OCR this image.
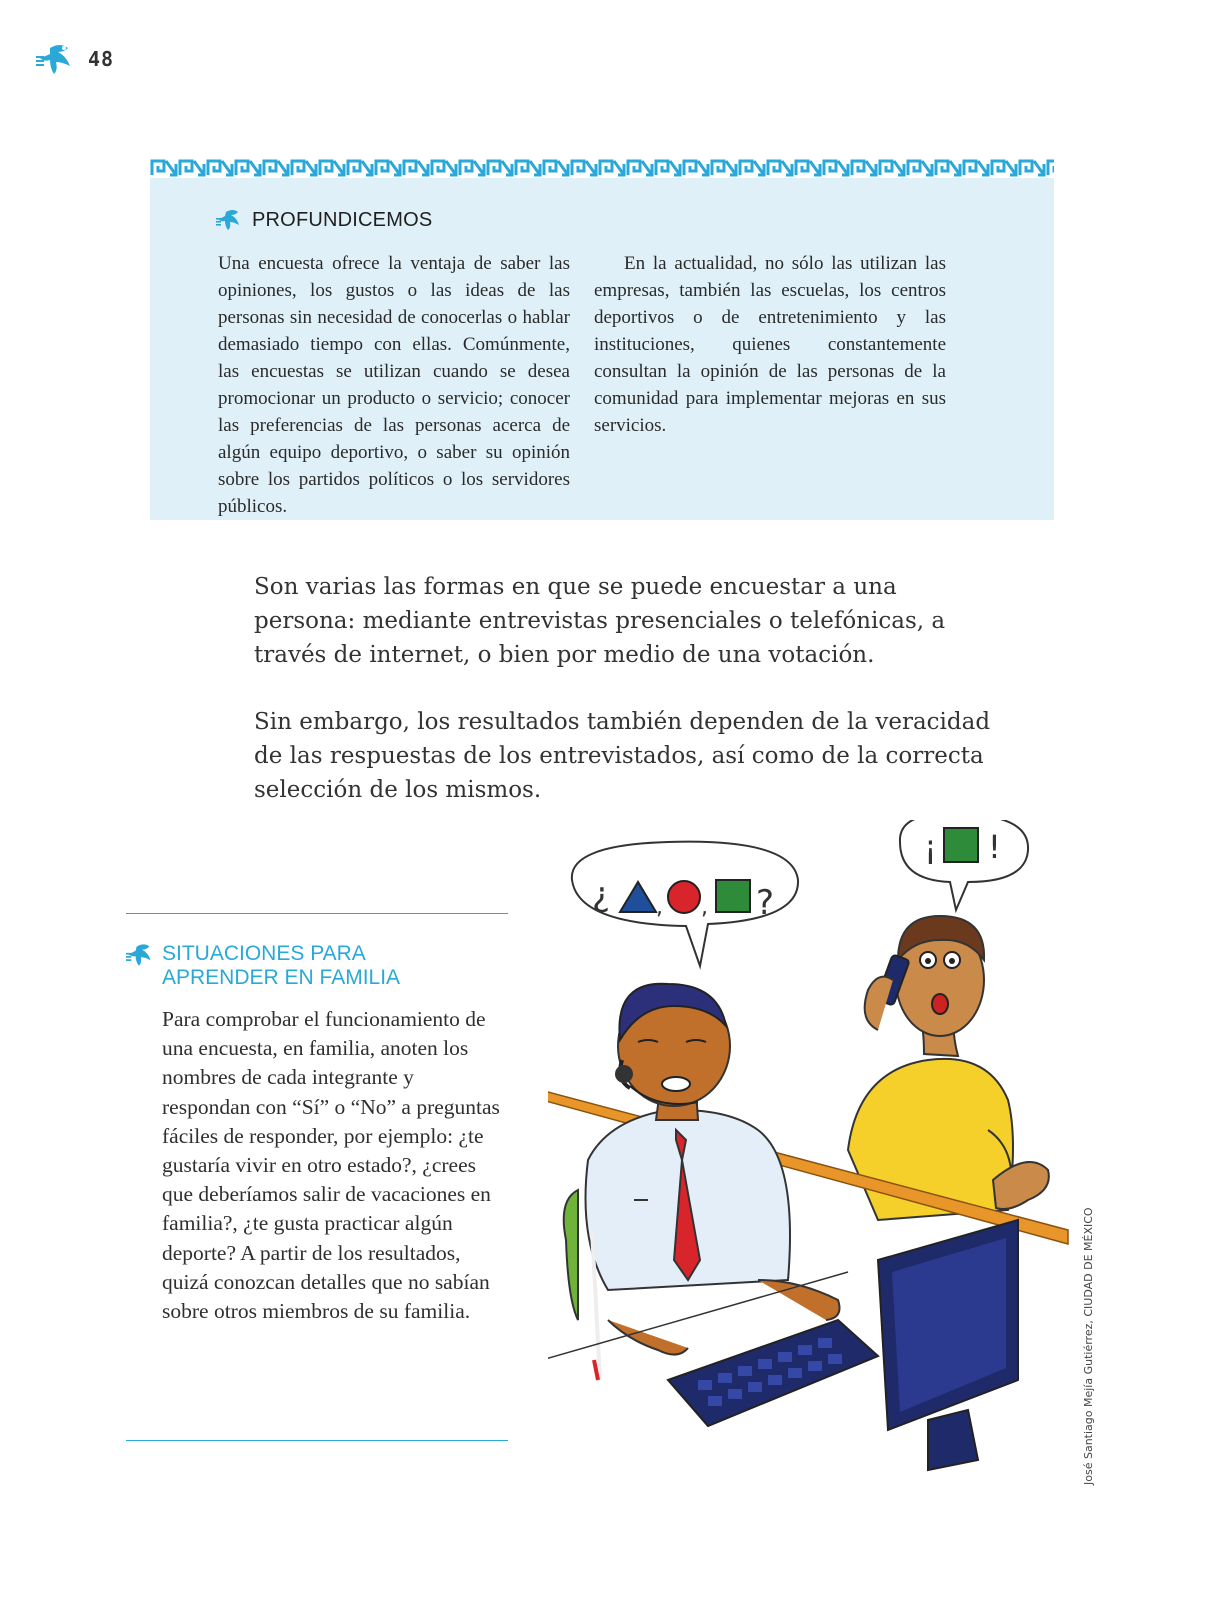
48
PROFUNDICEMOS

Una encuesta ofrece la ventaja de saber las opiniones, los gustos o las ideas de las personas sin necesidad de conocerlas o hablar demasiado tiempo con ellas. Comúnmente, las encuestas se utilizan cuando se desea promocionar un producto o servicio; conocer las preferencias de las personas acerca de algún equipo deportivo, o saber su opinión sobre los partidos políticos o los servidores públicos.

En la actualidad, no sólo las utilizan las empresas, también las escuelas, los centros deportivos o de entretenimiento y las instituciones, quienes constantemente consultan la opinión de las personas de la comunidad para implementar mejoras en sus servicios.

Son varias las formas en que se puede encuestar a una persona: mediante entrevistas presenciales o telefónicas, a través de internet, o bien por medio de una votación.

Sin embargo, los resultados también dependen de la veracidad de las respuestas de los entrevistados, así como de la correcta selección de los mismos.

SITUACIONES PARA APRENDER EN FAMILIA

Para comprobar el funcionamiento de una encuesta, en familia, anoten los nombres de cada integrante y respondan con “Sí” o “No” a preguntas fáciles de responder, por ejemplo: ¿te gustaría vivir en otro estado?, ¿crees que deberíamos salir de vacaciones en familia?, ¿te gusta practicar algún deporte? A partir de los resultados, quizá conozcan detalles que no sabían sobre otros miembros de su familia.

¿ , , ?
¡ !
José Santiago Mejía Gutiérrez, CIUDAD DE MÉXICO
